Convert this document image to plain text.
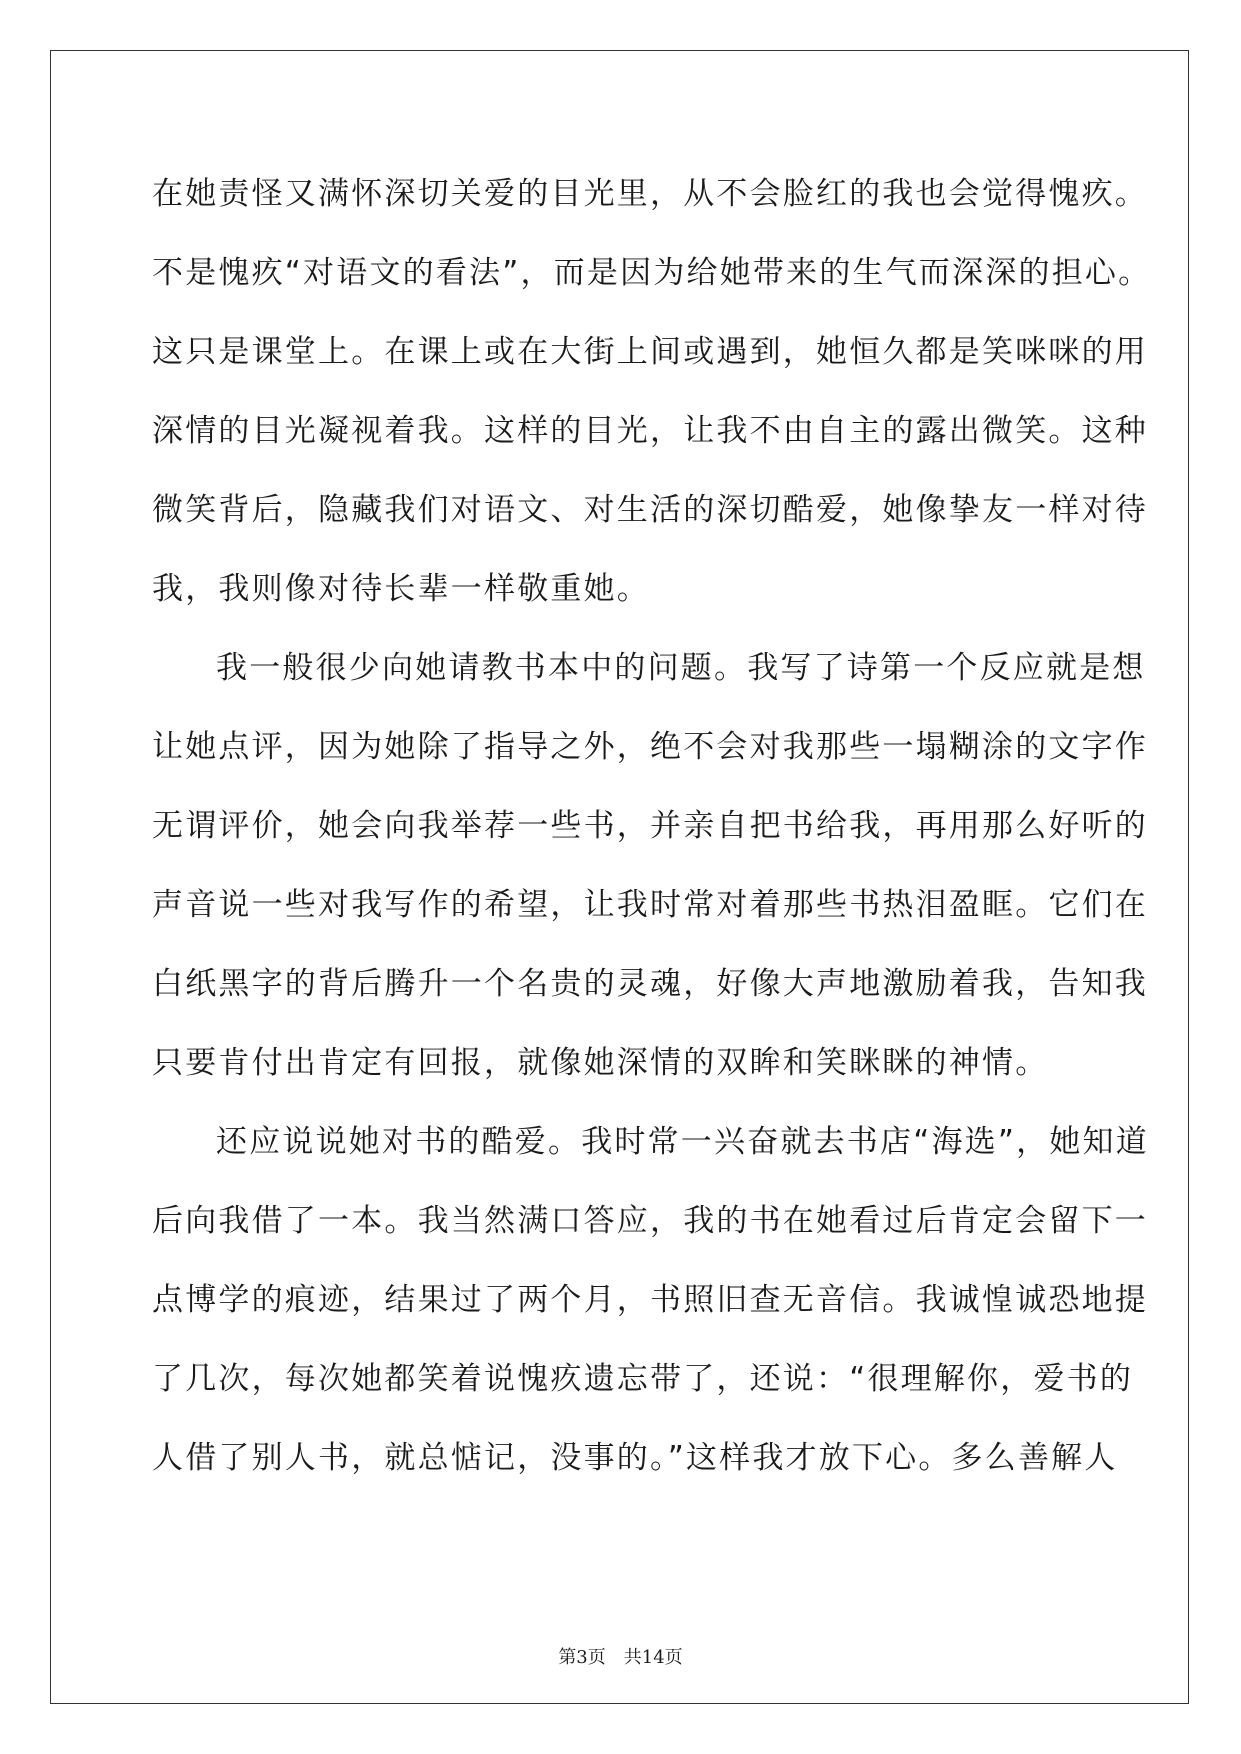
在她责怪又满怀深切关爱的目光里，从不会脸红的我也会觉得愧疚。
不是愧疚“对语文的看法”，而是因为给她带来的生气而深深的担心。
这只是课堂上。在课上或在大街上间或遇到，她恒久都是笑咪咪的用
深情的目光凝视着我。这样的目光，让我不由自主的露出微笑。这种
微笑背后，隐藏我们对语文、对生活的深切酷爱，她像挚友一样对待
我，我则像对待长辈一样敬重她。
我一般很少向她请教书本中的问题。我写了诗第一个反应就是想
让她点评，因为她除了指导之外，绝不会对我那些一塌糊涂的文字作
无谓评价，她会向我举荐一些书，并亲自把书给我，再用那么好听的
声音说一些对我写作的希望，让我时常对着那些书热泪盈眶。它们在
白纸黑字的背后腾升一个名贵的灵魂，好像大声地激励着我，告知我
只要肯付出肯定有回报，就像她深情的双眸和笑眯眯的神情。
还应说说她对书的酷爱。我时常一兴奋就去书店“海选”，她知道
后向我借了一本。我当然满口答应，我的书在她看过后肯定会留下一
点博学的痕迹，结果过了两个月，书照旧查无音信。我诚惶诚恐地提
了几次，每次她都笑着说愧疚遗忘带了，还说：“很理解你，爱书的
人借了别人书，就总惦记，没事的。”这样我才放下心。多么善解人
第3页 共14页
